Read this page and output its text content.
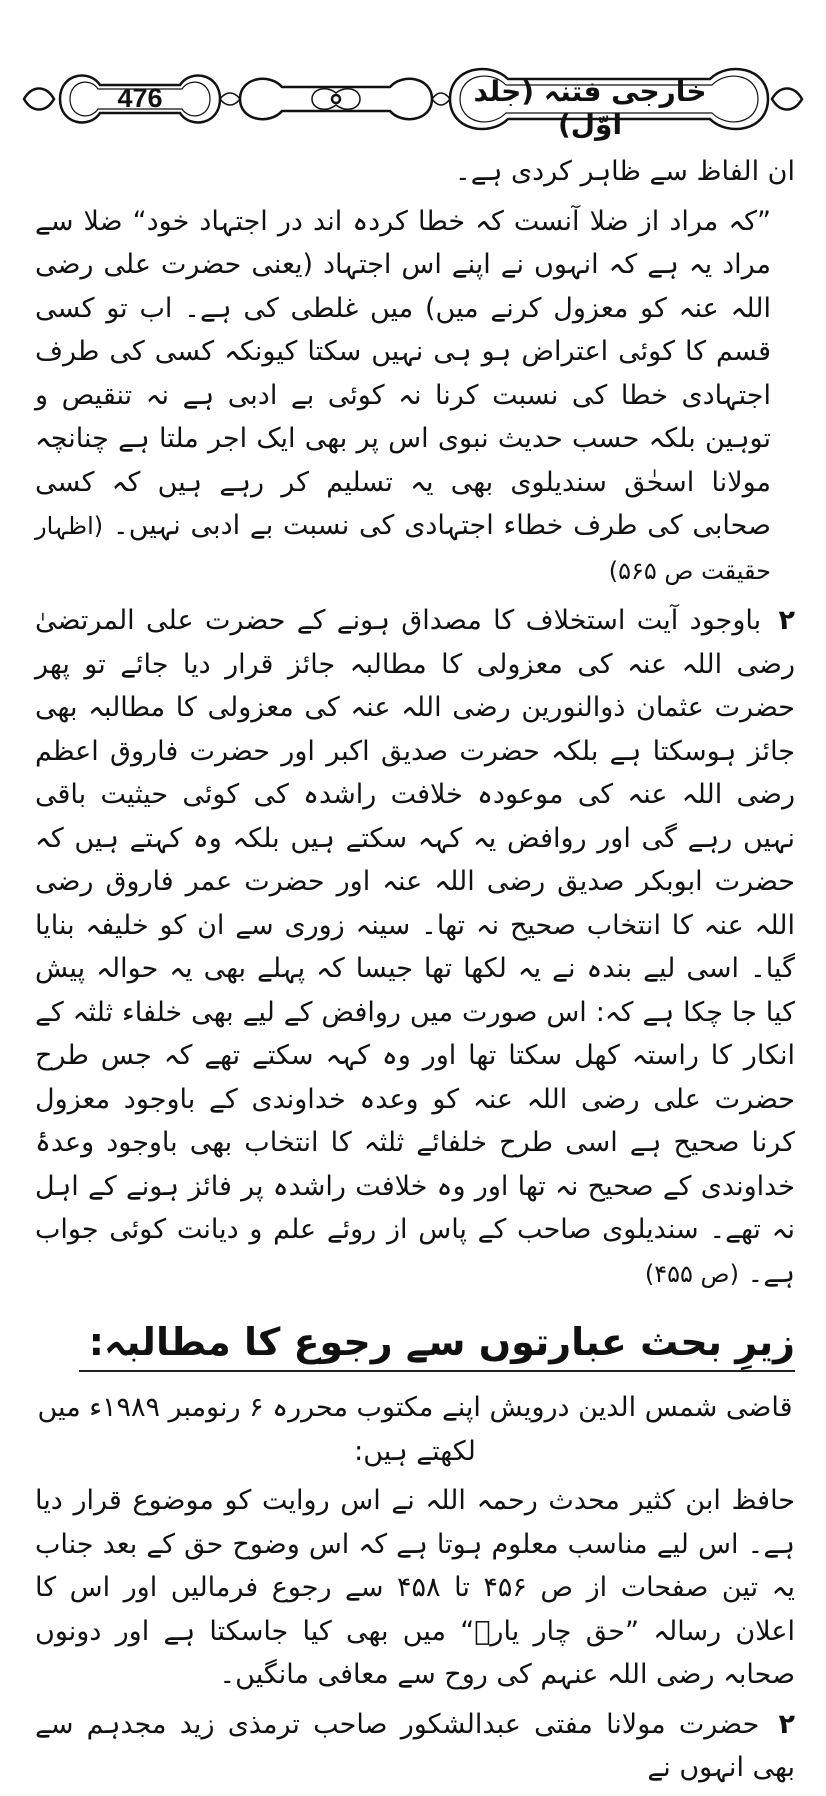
476	خارجی فتنہ (جلد اوّل)

ان الفاظ سے ظاہر کردی ہے۔

”کہ مراد از ضلا آنست کہ خطا کردہ اند در اجتہاد خود“ ضلا سے مراد یہ ہے کہ انہوں نے اپنے اس اجتہاد (یعنی حضرت علی رضی اللہ عنہ کو معزول کرنے میں) میں غلطی کی ہے۔ اب تو کسی قسم کا کوئی اعتراض ہو ہی نہیں سکتا کیونکہ کسی کی طرف اجتہادی خطا کی نسبت کرنا نہ کوئی بے ادبی ہے نہ تنقیص و توہین بلکہ حسب حدیث نبوی اس پر بھی ایک اجر ملتا ہے چنانچہ مولانا اسحٰق سندیلوی بھی یہ تسلیم کر رہے ہیں کہ کسی صحابی کی طرف خطاء اجتہادی کی نسبت بے ادبی نہیں۔ (اظہار حقیقت ص ۵۶۵)

۲ باوجود آیت استخلاف کا مصداق ہونے کے حضرت علی المرتضیٰ رضی اللہ عنہ کی معزولی کا مطالبہ جائز قرار دیا جائے تو پھر حضرت عثمان ذوالنورین رضی اللہ عنہ کی معزولی کا مطالبہ بھی جائز ہوسکتا ہے بلکہ حضرت صدیق اکبر اور حضرت فاروق اعظم رضی اللہ عنہ کی موعودہ خلافت راشدہ کی کوئی حیثیت باقی نہیں رہے گی اور روافض یہ کہہ سکتے ہیں بلکہ وہ کہتے ہیں کہ حضرت ابوبکر صدیق رضی اللہ عنہ اور حضرت عمر فاروق رضی اللہ عنہ کا انتخاب صحیح نہ تھا۔ سینہ زوری سے ان کو خلیفہ بنایا گیا۔ اسی لیے بندہ نے یہ لکھا تھا جیسا کہ پہلے بھی یہ حوالہ پیش کیا جا چکا ہے کہ: اس صورت میں روافض کے لیے بھی خلفاء ثلثہ کے انکار کا راستہ کھل سکتا تھا اور وہ کہہ سکتے تھے کہ جس طرح حضرت علی رضی اللہ عنہ کو وعدہ خداوندی کے باوجود معزول کرنا صحیح ہے اسی طرح خلفائے ثلثہ کا انتخاب بھی باوجود وعدۂ خداوندی کے صحیح نہ تھا اور وہ خلافت راشدہ پر فائز ہونے کے اہل نہ تھے۔ سندیلوی صاحب کے پاس از روئے علم و دیانت کوئی جواب ہے۔ (ص ۴۵۵)

زیرِ بحث عبارتوں سے رجوع کا مطالبہ:

قاضی شمس الدین درویش اپنے مکتوب محررہ ۶ رنومبر ۱۹۸۹ء میں لکھتے ہیں:

حافظ ابن کثیر محدث رحمہ اللہ نے اس روایت کو موضوع قرار دیا ہے۔ اس لیے مناسب معلوم ہوتا ہے کہ اس وضوح حق کے بعد جناب یہ تین صفحات از ص ۴۵۶ تا ۴۵۸ سے رجوع فرمالیں اور اس کا اعلان رسالہ ”حق چار یارؓ“ میں بھی کیا جاسکتا ہے اور دونوں صحابہ رضی اللہ عنہم کی روح سے معافی مانگیں۔

۲ حضرت مولانا مفتی عبدالشکور صاحب ترمذی زید مجدہم سے بھی انہوں نے
